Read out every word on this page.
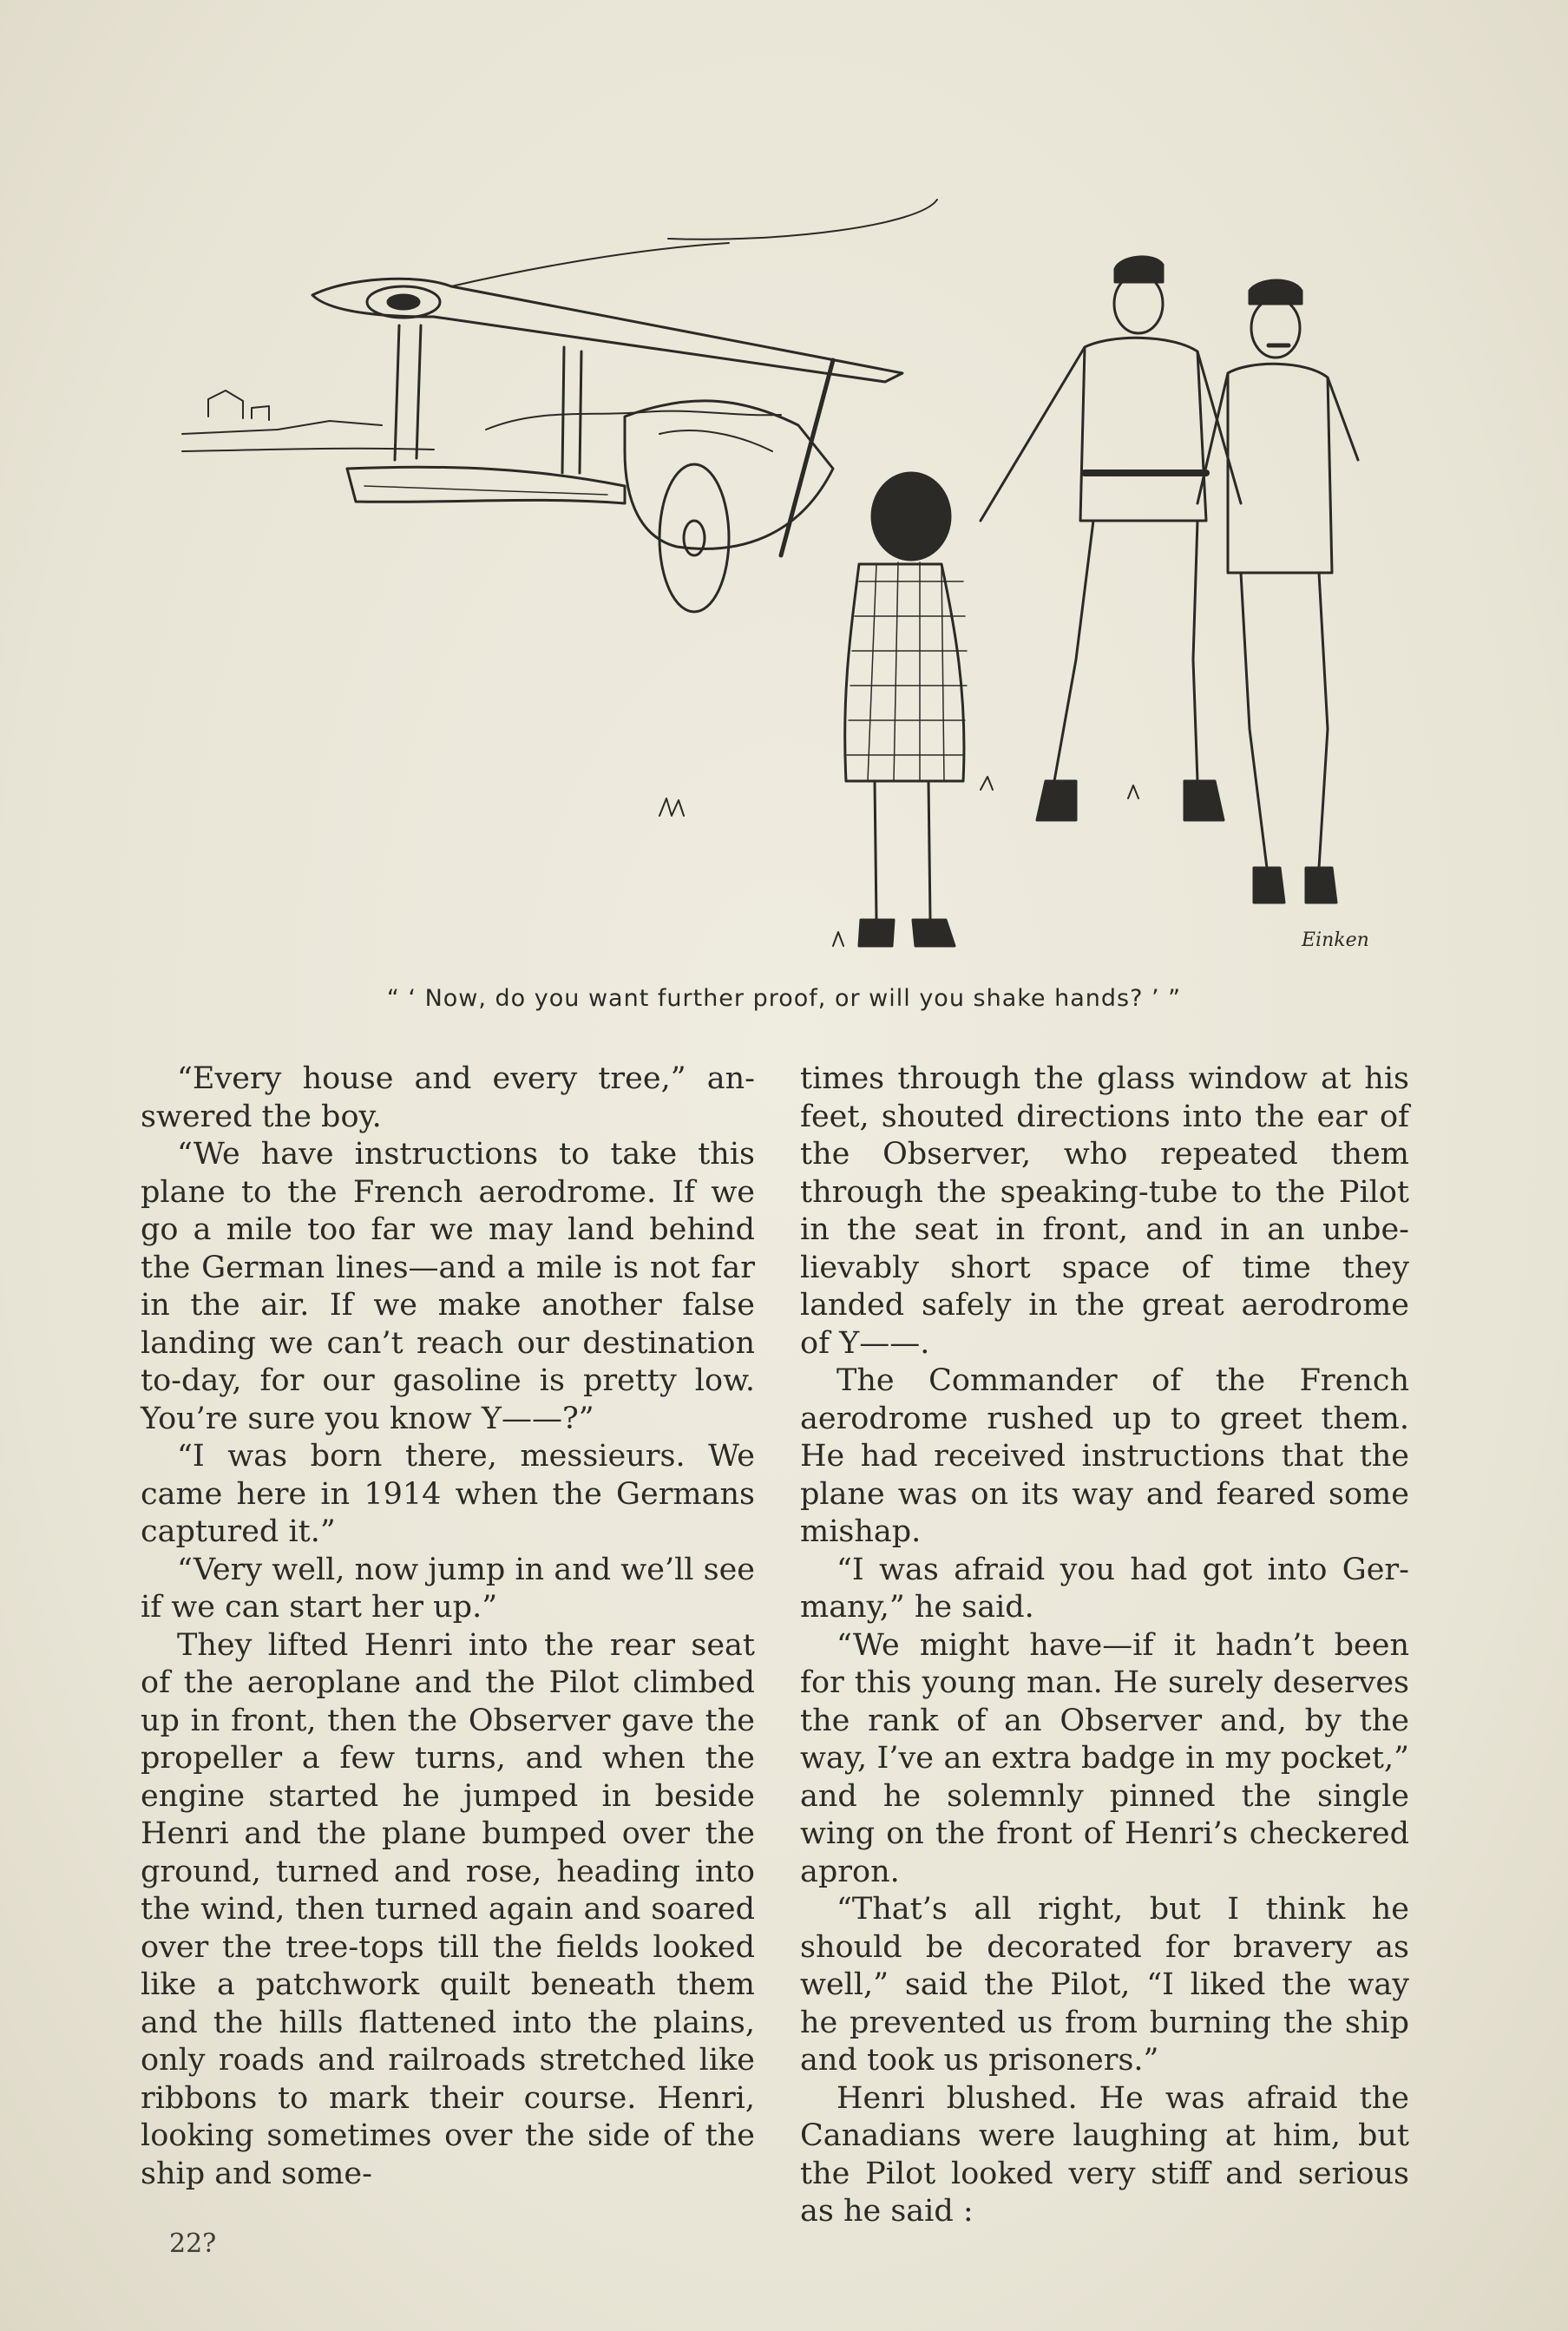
Einken
“ ‘ Now, do you want further proof, or will you shake hands? ’ ”

“Every house and every tree,” answered the boy.

“We have instructions to take this plane to the French aerodrome. If we go a mile too far we may land behind the German lines—and a mile is not far in the air. If we make another false landing we can’t reach our destination to-day, for our gasoline is pretty low. You’re sure you know Y——?”

“I was born there, messieurs. We came here in 1914 when the Germans captured it.”

“Very well, now jump in and we’ll see if we can start her up.”

They lifted Henri into the rear seat of the aeroplane and the Pilot climbed up in front, then the Observer gave the propeller a few turns, and when the engine started he jumped in beside Henri and the plane bumped over the ground, turned and rose, heading into the wind, then turned again and soared over the tree-tops till the fields looked like a patchwork quilt beneath them and the hills flattened into the plains, only roads and railroads stretched like ribbons to mark their course. Henri, looking sometimes over the side of the ship and some-

times through the glass window at his feet, shouted directions into the ear of the Observer, who repeated them through the speaking-tube to the Pilot in the seat in front, and in an unbelievably short space of time they landed safely in the great aerodrome of Y——.

The Commander of the French aerodrome rushed up to greet them. He had received instructions that the plane was on its way and feared some mishap.

“I was afraid you had got into Germany,” he said.

“We might have—if it hadn’t been for this young man. He surely deserves the rank of an Observer and, by the way, I’ve an extra badge in my pocket,” and he solemnly pinned the single wing on the front of Henri’s checkered apron.

“That’s all right, but I think he should be decorated for bravery as well,” said the Pilot, “I liked the way he prevented us from burning the ship and took us prisoners.”

Henri blushed. He was afraid the Canadians were laughing at him, but the Pilot looked very stiff and serious as he said :

22?
